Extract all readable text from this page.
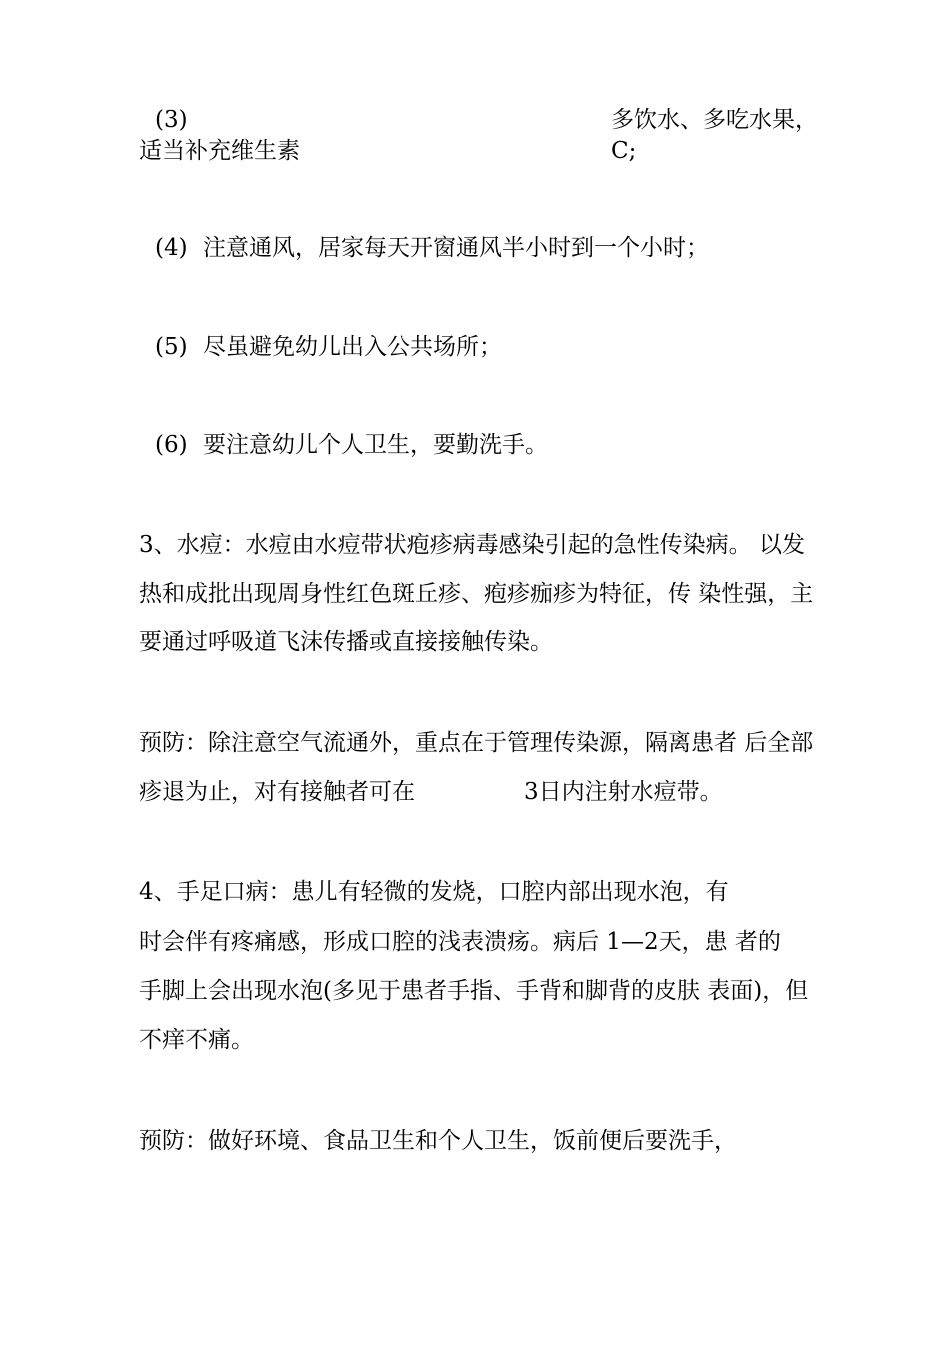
(3)
适当补充维生素
多饮水、多吃水果，
C;
(4) 注意通风，居家每天开窗通风半小时到一个小时；
(5) 尽虽避免幼儿出入公共场所；
(6) 要注意幼儿个人卫生，要勤洗手。
3、水痘：水痘由水痘带状疱疹病毒感染引起的急性传染病。 以发
热和成批出现周身性红色斑丘疹、疱疹痂疹为特征，传 染性强，主
要通过呼吸道飞沫传播或直接接触传染。
预防：除注意空气流通外，重点在于管理传染源，隔离患者 后全部
疹退为止，对有接触者可在	3日内注射水痘带。
4、手足口病：患儿有轻微的发烧，口腔内部出现水泡，有
时会伴有疼痛感，形成口腔的浅表溃疡。病后 1—2天，患 者的
手脚上会出现水泡(多见于患者手指、手背和脚背的皮肤 表面)，但
不痒不痛。
预防：做好环境、食品卫生和个人卫生，饭前便后要洗手，
